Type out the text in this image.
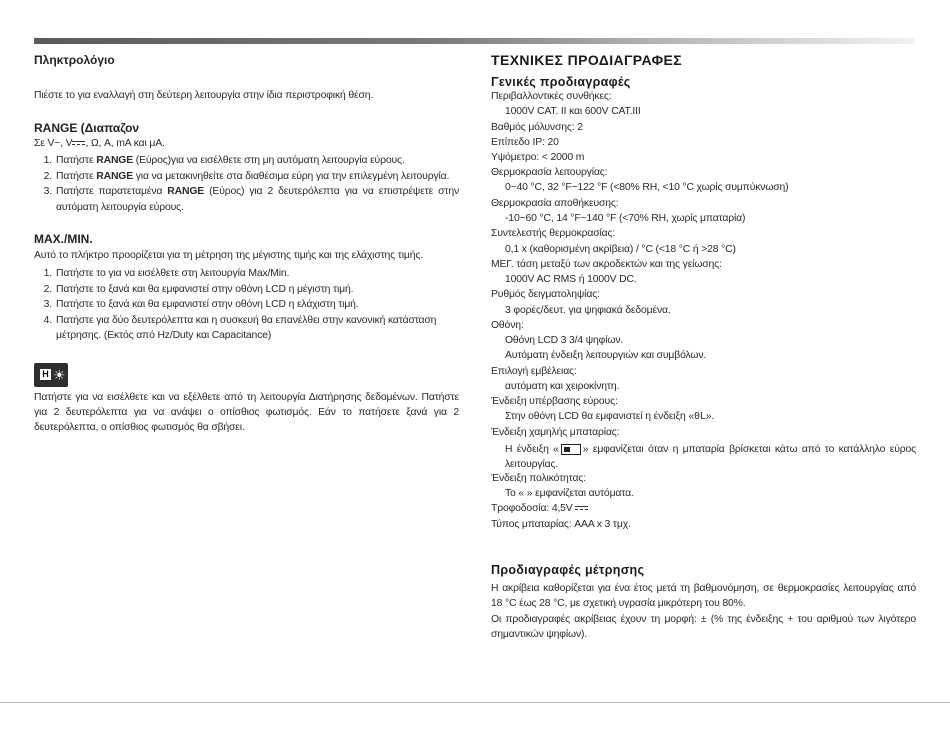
Πληκτρολόγιο
Πιέστε το για εναλλαγή στη δεύτερη λειτουργία στην ίδια περιστροφική θέση.
RANGE (Διαπαζον
Σε V~, V , Ω, A, mA και μA.
1. Πατήστε RANGE (Εύρος)για να εισέλθετε στη μη αυτόματη λειτουργία εύρους.
2. Πατήστε RANGE για να μετακινηθείτε στα διαθέσιμα εύρη για την επιλεγμένη λειτουργία.
3. Πατήστε παρατεταμένα RANGE (Εύρος) για 2 δευτερόλεπτα για να επιστρέψετε στην αυτόματη λειτουργία εύρους.
MAX./MIN.
Αυτό το πλήκτρο προορίζεται για τη μέτρηση της μέγιστης τιμής και της ελάχιστης τιμής.
1. Πατήστε το για να εισέλθετε στη λειτουργία Max/Min.
2. Πατήστε το ξανά και θα εμφανιστεί στην οθόνη LCD η μέγιστη τιμή.
3. Πατήστε το ξανά και θα εμφανιστεί στην οθόνη LCD η ελάχιστη τιμή.
4. Πατήστε για δύο δευτερόλεπτα και η συσκευή θα επανέλθει στην κανονική κατάσταση μέτρησης. (Εκτός από Hz/Duty και Capacitance)
H ☀
Πατήστε για να εισέλθετε και να εξέλθετε από τη λειτουργία Διατήρησης δεδομένων. Πατήστε για 2 δευτερόλεπτα για να ανάψει ο οπίσθιος φωτισμός. Εάν το πατήσετε ξανά για 2 δευτερόλεπτα, ο οπίσθιος φωτισμός θα σβήσει.
ΤΕΧΝΙΚΕΣ ΠΡΟΔΙΑΓΡΑΦΕΣ
Γενικές προδιαγραφές
Περιβαλλοντικές συνθήκες:
1000V CAT. II και 600V CAT.III
Βαθμός μόλυνσης: 2
Επίπεδο IP: 20
Υψόμετρο: < 2000 m
Θερμοκρασία λειτουργίας:
0~40 °C, 32 °F~122 °F (<80% RH, <10 °C χωρίς συμπύκνωση)
Θερμοκρασία αποθήκευσης:
-10~60 °C, 14 °F~140 °F (<70% RH, χωρίς μπαταρία)
Συντελεστής θερμοκρασίας:
0,1 x (καθορισμένη ακρίβεια) / °C (<18 °C ή >28 °C)
ΜΕΓ. τάση μεταξύ των ακροδεκτών και της γείωσης:
1000V AC RMS ή 1000V DC.
Ρυθμός δειγματοληψίας:
3 φορές/δευτ. για ψηφιακά δεδομένα.
Οθόνη:
Οθόνη LCD 3 3/4 ψηφίων.
Αυτόματη ένδειξη λειτουργιών και συμβόλων.
Επιλογή εμβέλειας:
αυτόματη και χειροκίνητη.
Ένδειξη υπέρβασης εύρους:
Στην οθόνη LCD θα εμφανιστεί η ένδειξη «0L».
Ένδειξη χαμηλής μπαταρίας:
Η ένδειξη « » εμφανίζεται όταν η μπαταρία βρίσκεται κάτω από το κατάλληλο εύρος λειτουργίας.
Ένδειξη πολικότητας:
Το « » εμφανίζεται αυτόματα.
Τροφοδοσία: 4,5V
Τύπος μπαταρίας: AAA x 3 τμχ.
Προδιαγραφές μέτρησης
Η ακρίβεια καθορίζεται για ένα έτος μετά τη βαθμονόμηση, σε θερμοκρασίες λειτουργίας από 18 °C έως 28 °C, με σχετική υγρασία μικρότερη του 80%.
Οι προδιαγραφές ακρίβειας έχουν τη μορφή: ± (% της ένδειξης + του αριθμού των λιγότερο σημαντικών ψηφίων).
